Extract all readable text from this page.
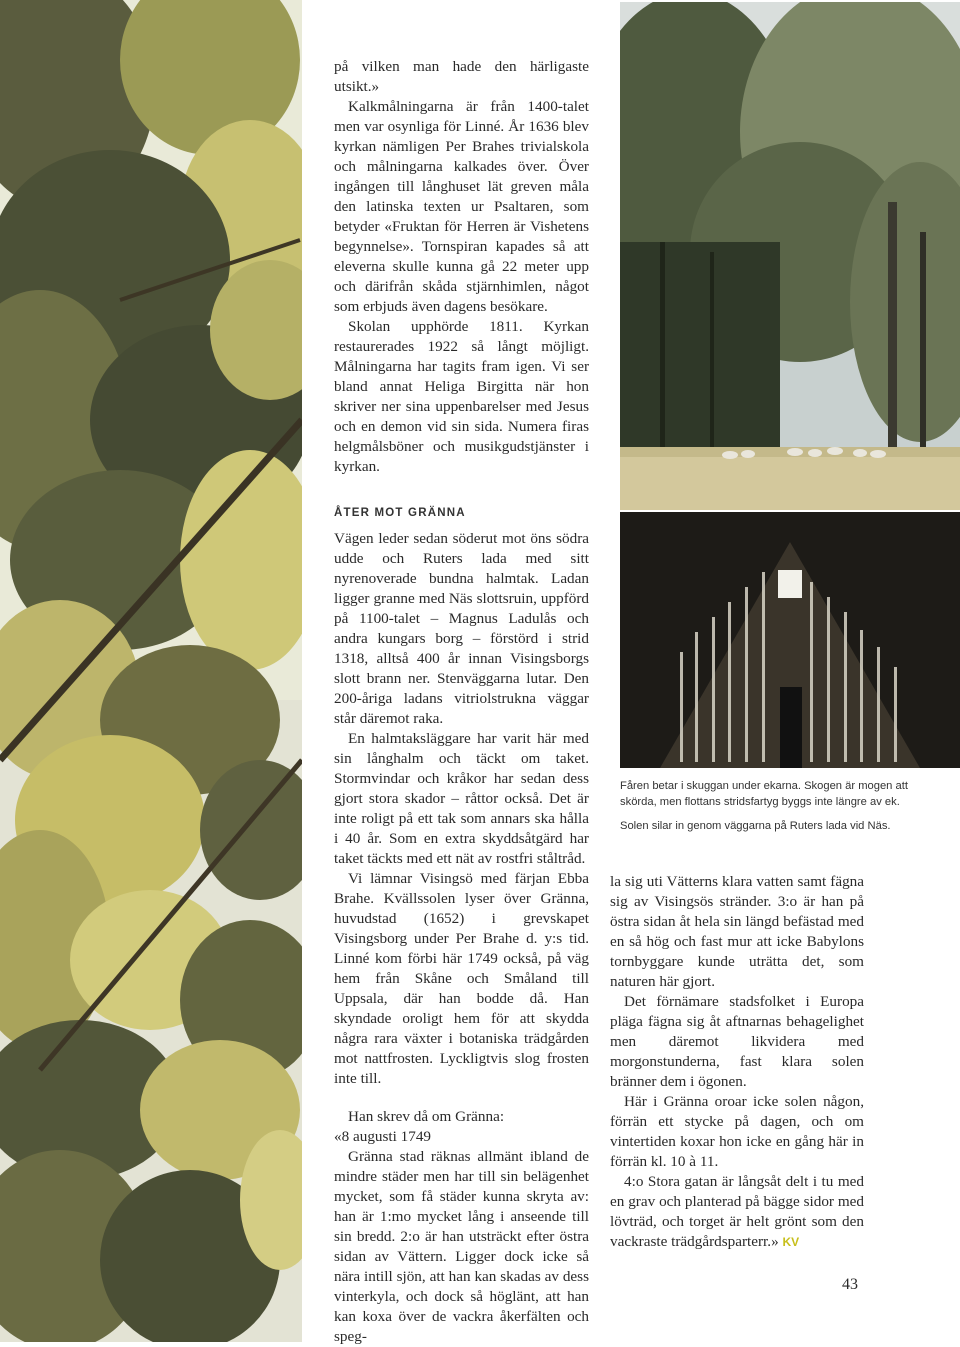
på vilken man hade den härligaste utsikt.»

Kalkmålningarna är från 1400-talet men var osynliga för Linné. År 1636 blev kyrkan nämligen Per Brahes trivialskola och målningarna kalkades över. Över ingången till långhuset lät greven måla den latinska texten ur Psaltaren, som betyder «Fruktan för Herren är Vishetens begynnelse». Tornspiran kapades så att eleverna skulle kunna gå 22 meter upp och därifrån skåda stjärnhimlen, något som erbjuds även dagens besökare.

Skolan upphörde 1811. Kyrkan restaurerades 1922 så långt möjligt. Målningarna har tagits fram igen. Vi ser bland annat Heliga Birgitta när hon skriver ner sina uppenbarelser med Jesus och en demon vid sin sida. Numera firas helgmålsböner och musikgudstjänster i kyrkan.

ÅTER MOT GRÄNNA

Vägen leder sedan söderut mot öns södra udde och Ruters lada med sitt nyrenoverade bundna halmtak. Ladan ligger granne med Näs slottsruin, uppförd på 1100-talet – Magnus Ladulås och andra kungars borg – förstörd i strid 1318, alltså 400 år innan Visingsborgs slott brann ner. Stenväggarna lutar. Den 200-åriga ladans vitriolstrukna väggar står däremot raka.

En halmtaksläggare har varit här med sin långhalm och täckt om taket. Stormvindar och kråkor har sedan dess gjort stora skador – råttor också. Det är inte roligt på ett tak som annars ska hålla i 40 år. Som en extra skyddsåtgärd har taket täckts med ett nät av rostfri ståltråd.

Vi lämnar Visingsö med färjan Ebba Brahe. Kvällssolen lyser över Gränna, huvudstad (1652) i grevskapet Visingsborg under Per Brahe d. y:s tid. Linné kom förbi här 1749 också, på väg hem från Skåne och Småland till Uppsala, där han bodde då. Han skyndade oroligt hem för att skydda några rara växter i botaniska trädgården mot nattfrosten. Lyckligtvis slog frosten inte till.

Han skrev då om Gränna:

«8 augusti 1749

Gränna stad räknas allmänt ibland de mindre städer men har till sin belägenhet mycket, som få städer kunna skryta av: han är 1:mo mycket lång i anseende till sin bredd. 2:o är han utsträckt efter östra sidan av Vättern. Ligger dock icke så nära intill sjön, att han kan skadas av dess vinterkyla, och dock så höglänt, att han kan koxa över de vackra åkerfälten och speg-

Fåren betar i skuggan under ekarna. Skogen är mogen att skörda, men flottans stridsfartyg byggs inte längre av ek.

Solen silar in genom väggarna på Ruters lada vid Näs.

la sig uti Vätterns klara vatten samt fägna sig av Visingsös stränder. 3:o är han på östra sidan åt hela sin längd befästad med en så hög och fast mur att icke Babylons tornbyggare kunde uträtta det, som naturen här gjort.

Det förnämare stadsfolket i Europa pläga fägna sig åt aftnarnas behagelighet men däremot likvidera med morgonstunderna, fast klara solen bränner dem i ögonen.

Här i Gränna oroar icke solen någon, förrän ett stycke på dagen, och om vintertiden koxar hon icke en gång här in förrän kl. 10 à 11.

4:o Stora gatan är långsåt delt i tu med en grav och planterad på bägge sidor med lövträd, och torget är helt grönt som den vackraste trädgårdsparterr.» KV

43
